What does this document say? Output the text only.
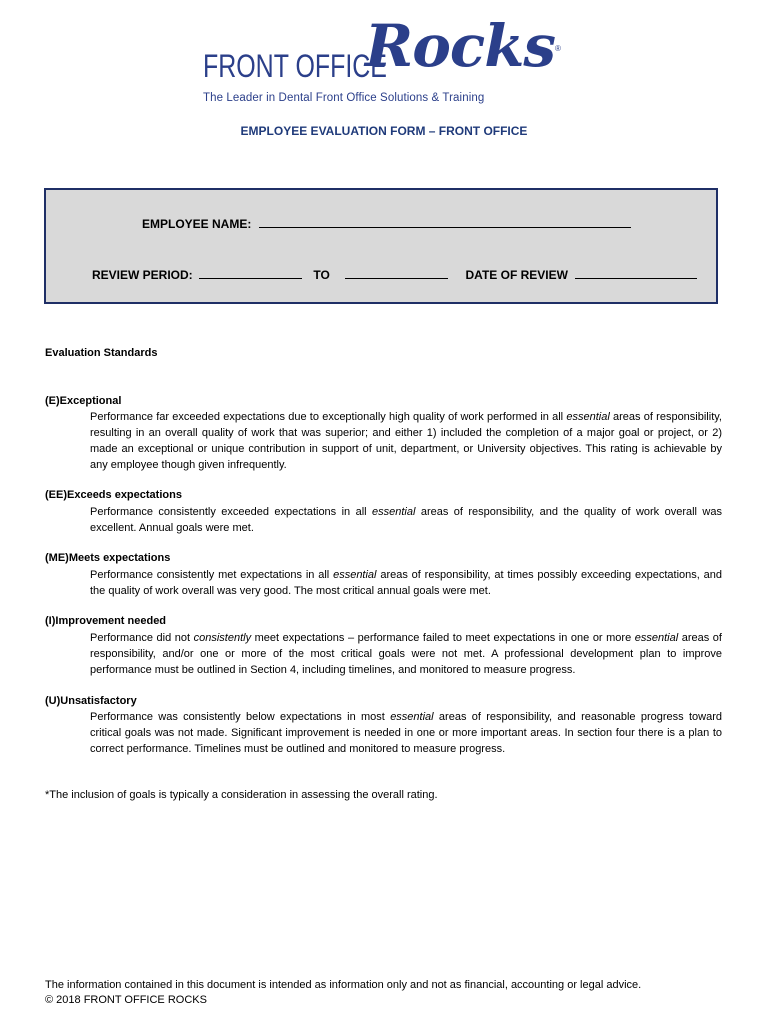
FRONT OFFICE
Rocks ®
The Leader in Dental Front Office Solutions & Training
EMPLOYEE EVALUATION FORM – FRONT OFFICE
EMPLOYEE NAME:
REVIEW PERIOD:	TO	DATE OF REVIEW
Evaluation Standards
(E)Exceptional
Performance far exceeded expectations due to exceptionally high quality of work performed in all essential areas of responsibility, resulting in an overall quality of work that was superior; and either 1) included the completion of a major goal or project, or 2) made an exceptional or unique contribution in support of unit, department, or University objectives. This rating is achievable by any employee though given infrequently.
(EE)Exceeds expectations
Performance consistently exceeded expectations in all essential areas of responsibility, and the quality of work overall was excellent. Annual goals were met.
(ME)Meets expectations
Performance consistently met expectations in all essential areas of responsibility, at times possibly exceeding expectations, and the quality of work overall was very good. The most critical annual goals were met.
(I)Improvement needed
Performance did not consistently meet expectations – performance failed to meet expectations in one or more essential areas of responsibility, and/or one or more of the most critical goals were not met. A professional development plan to improve performance must be outlined in Section 4, including timelines, and monitored to measure progress.
(U)Unsatisfactory
Performance was consistently below expectations in most essential areas of responsibility, and reasonable progress toward critical goals was not made. Significant improvement is needed in one or more important areas. In section four there is a plan to correct performance. Timelines must be outlined and monitored to measure progress.
*The inclusion of goals is typically a consideration in assessing the overall rating.
The information contained in this document is intended as information only and not as financial, accounting or legal advice.
© 2018 FRONT OFFICE ROCKS
